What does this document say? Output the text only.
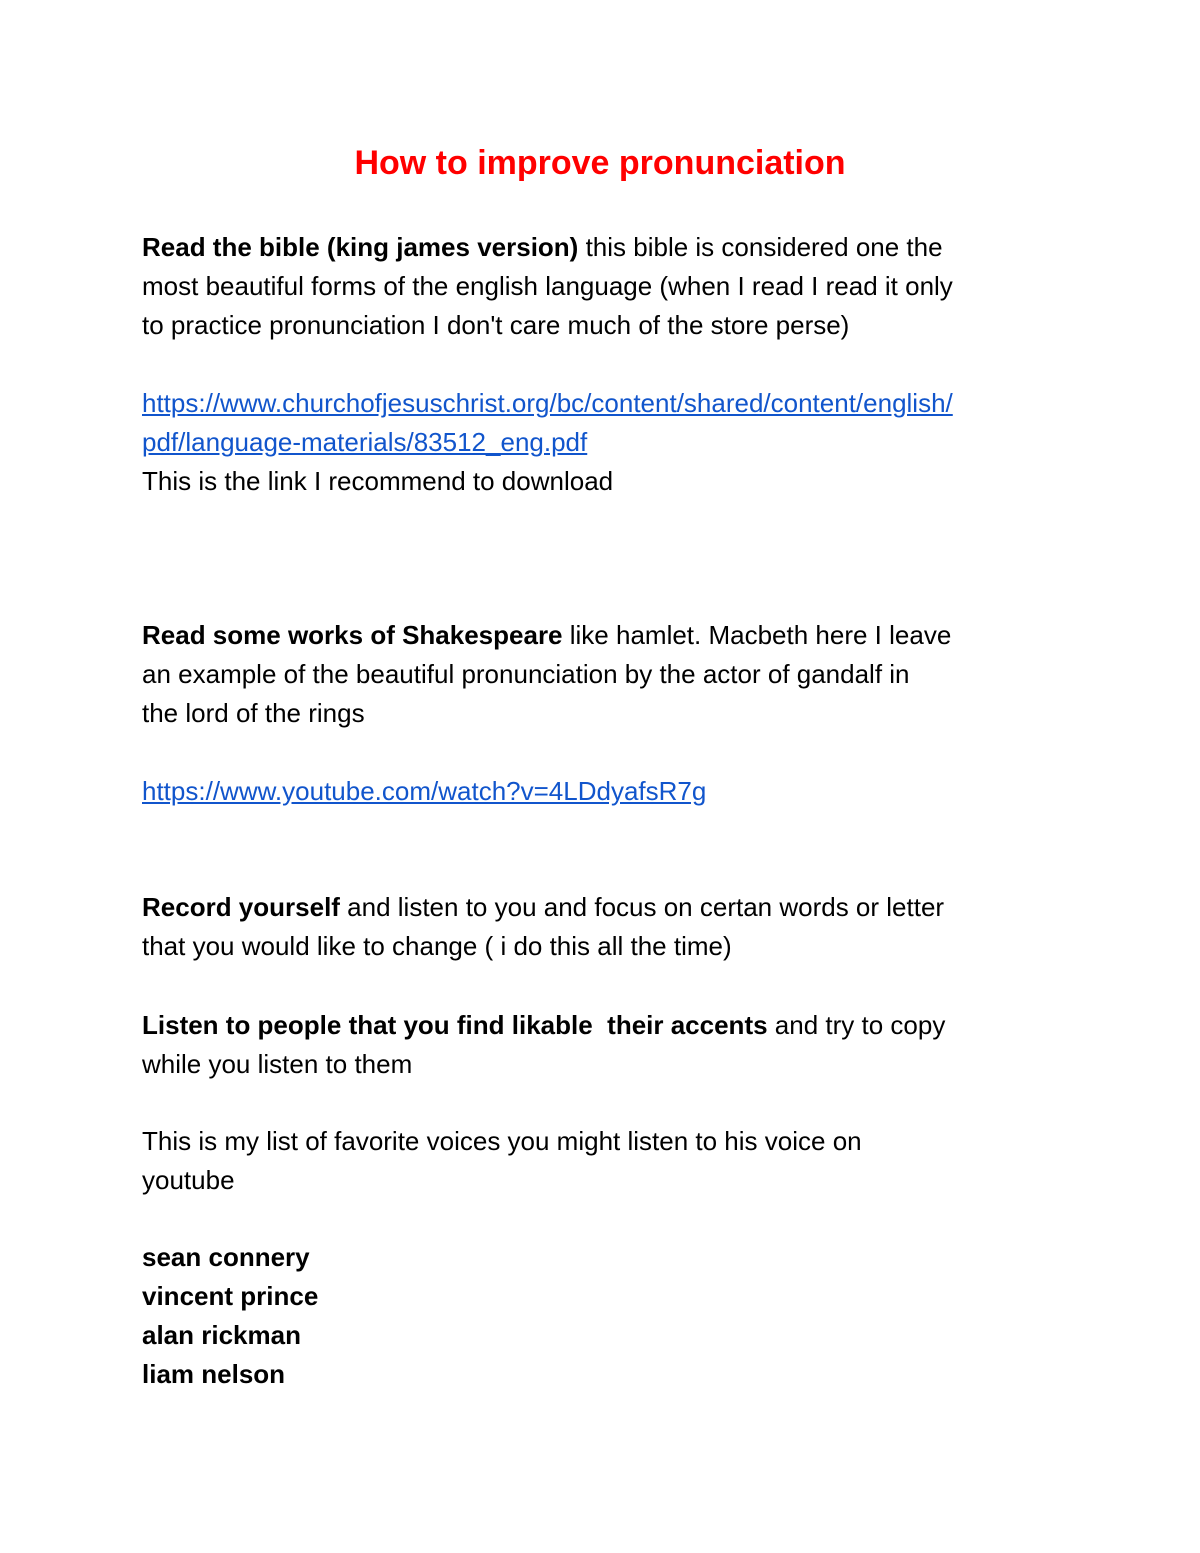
How to improve pronunciation

Read the bible (king james version) this bible is considered one the
most beautiful forms of the english language (when I read I read it only
to practice pronunciation I don't care much of the store perse)

https://www.churchofjesuschrist.org/bc/content/shared/content/english/
pdf/language-materials/83512_eng.pdf
This is the link I recommend to download

Read some works of Shakespeare like hamlet. Macbeth here I leave
an example of the beautiful pronunciation by the actor of gandalf in
the lord of the rings

https://www.youtube.com/watch?v=4LDdyafsR7g

Record yourself and listen to you and focus on certan words or letter
that you would like to change ( i do this all the time)

Listen to people that you find likable their accents and try to copy
while you listen to them

This is my list of favorite voices you might listen to his voice on
youtube

sean connery
vincent prince
alan rickman
liam nelson
